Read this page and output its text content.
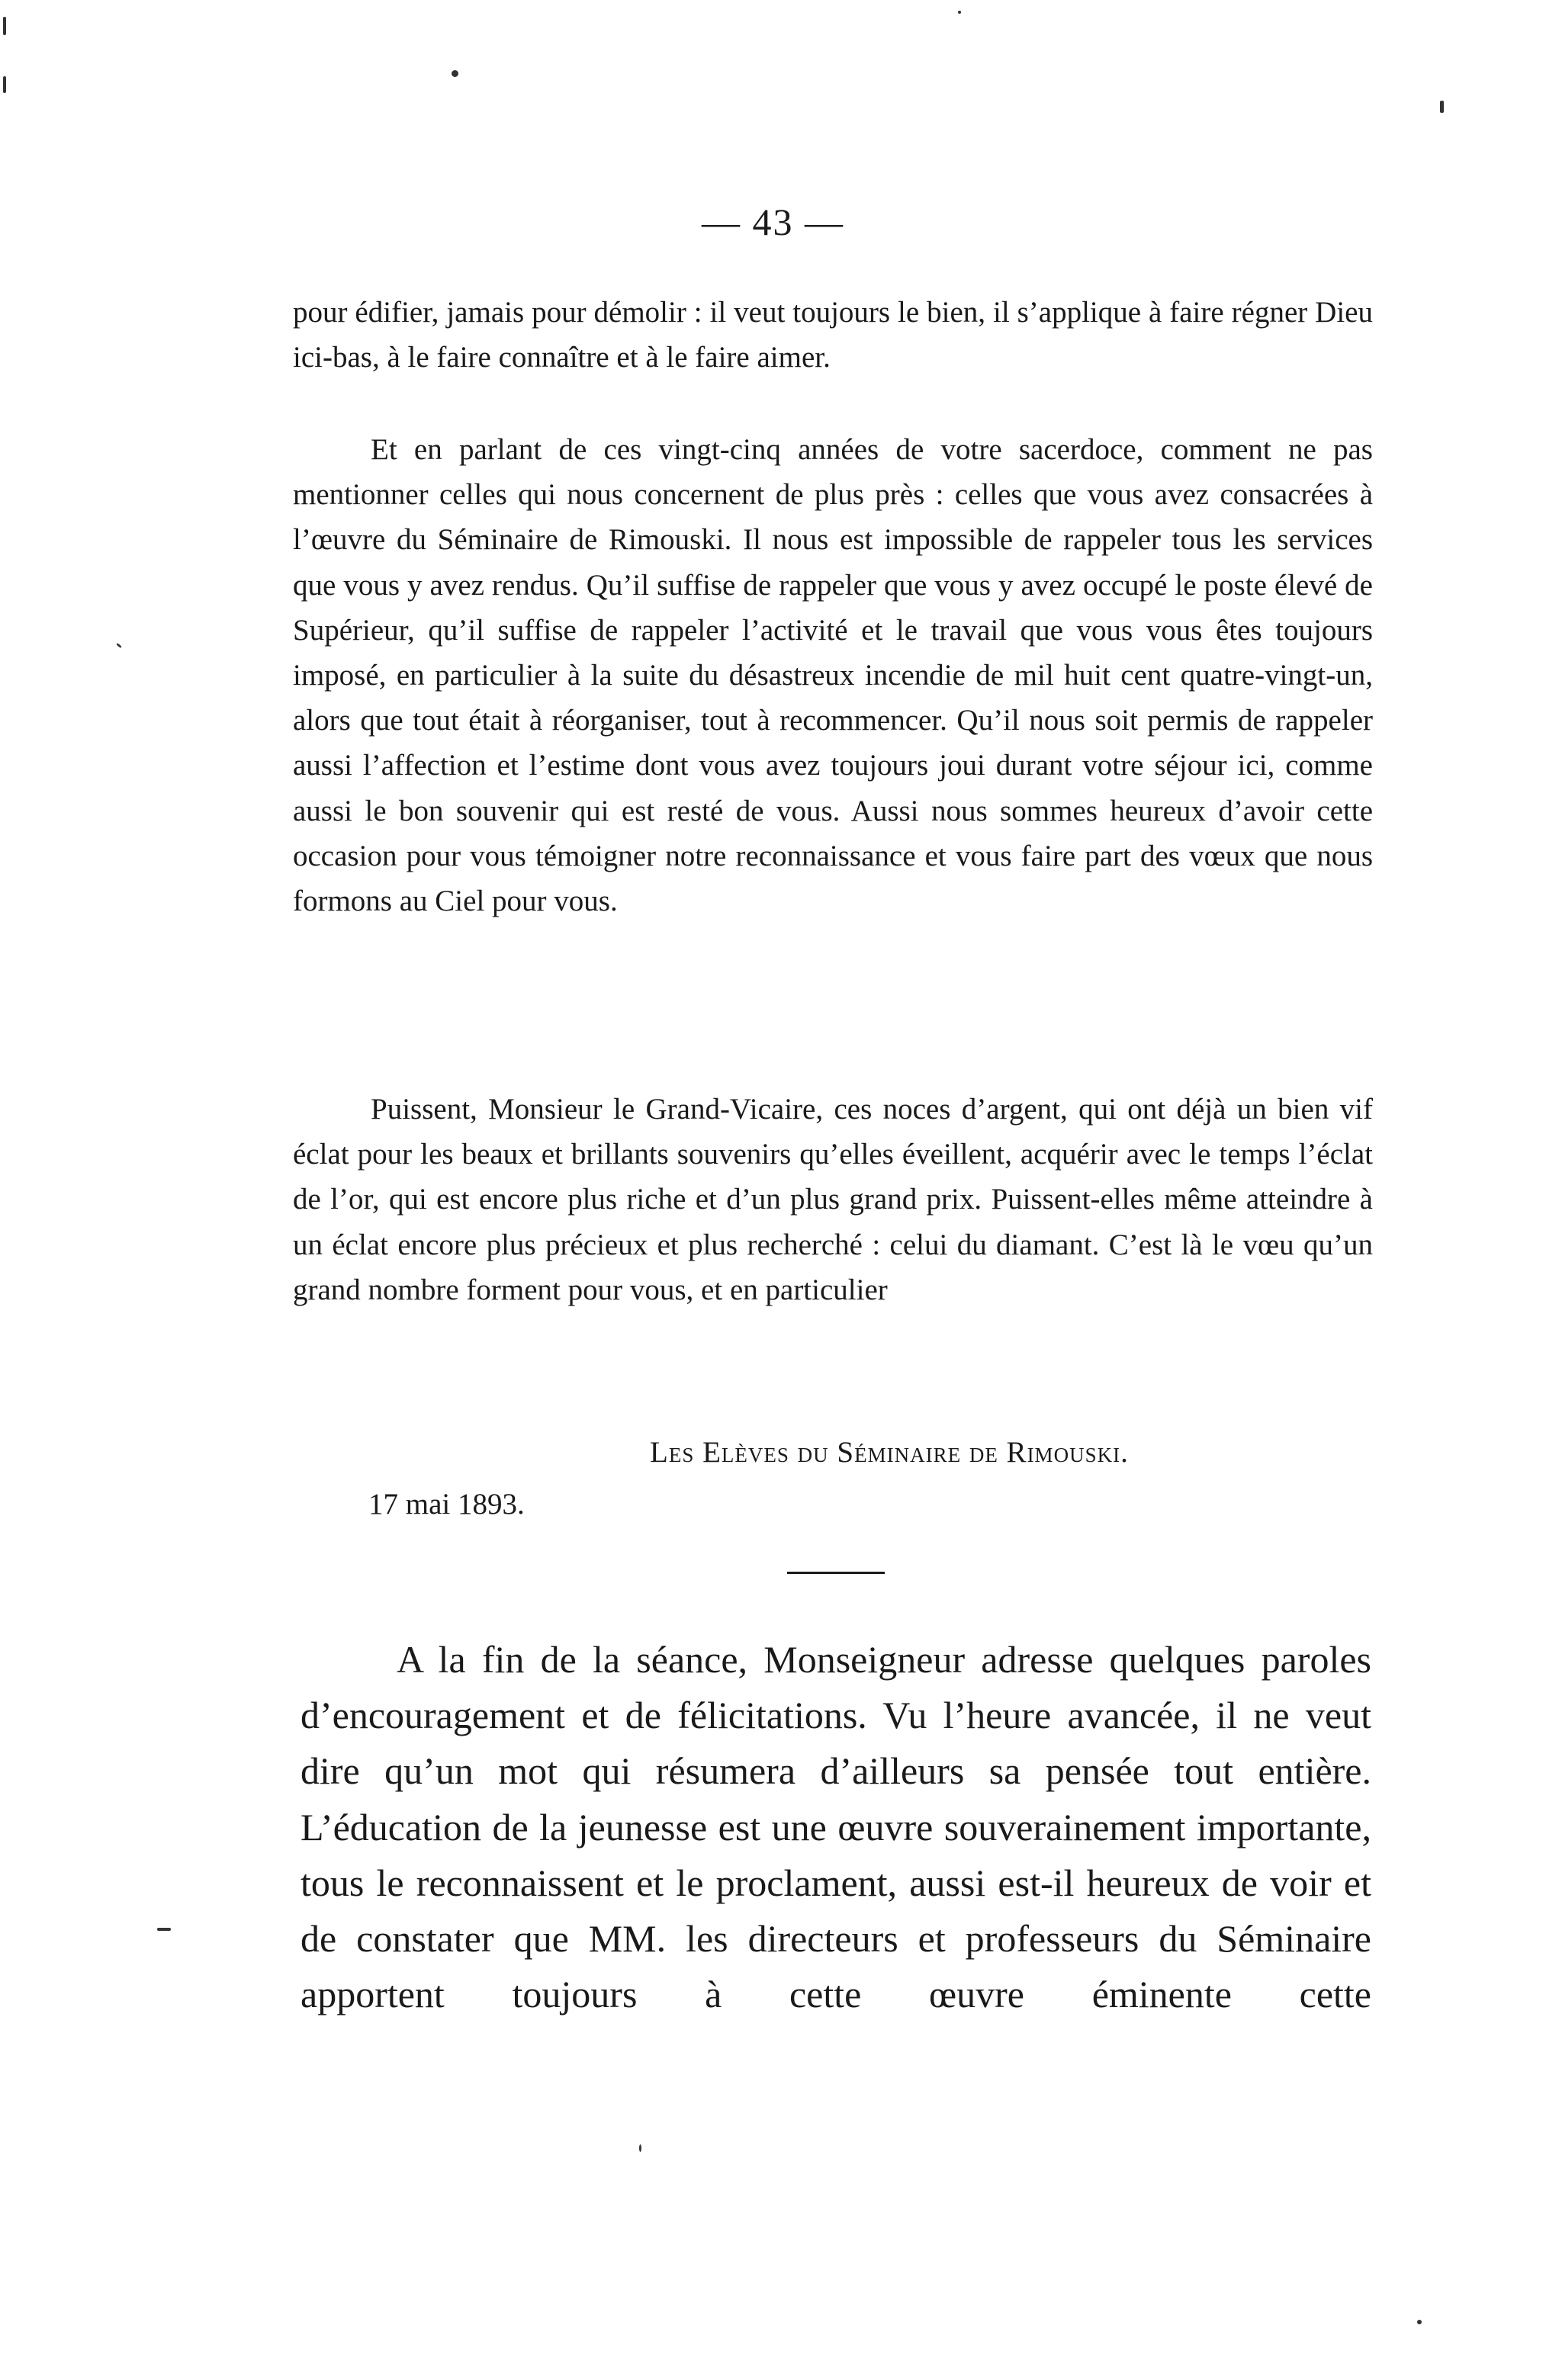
— 43 —

pour édifier, jamais pour démolir : il veut toujours le bien, il s’applique à faire régner Dieu ici-bas, à le faire connaître et à le faire aimer.

Et en parlant de ces vingt-cinq années de votre sacerdoce, comment ne pas mentionner celles qui nous concernent de plus près : celles que vous avez consacrées à l’œuvre du Séminaire de Rimouski. Il nous est impossible de rappeler tous les services que vous y avez rendus. Qu’il suffise de rappeler que vous y avez occupé le poste élevé de Supérieur, qu’il suffise de rappeler l’activité et le travail que vous vous êtes toujours imposé, en particulier à la suite du désastreux incendie de mil huit cent quatre-vingt-un, alors que tout était à réorganiser, tout à recommencer. Qu’il nous soit permis de rappeler aussi l’affection et l’estime dont vous avez toujours joui durant votre séjour ici, comme aussi le bon souvenir qui est resté de vous. Aussi nous sommes heureux d’avoir cette occasion pour vous témoigner notre reconnaissance et vous faire part des vœux que nous formons au Ciel pour vous.

Puissent, Monsieur le Grand-Vicaire, ces noces d’argent, qui ont déjà un bien vif éclat pour les beaux et brillants souvenirs qu’elles éveillent, acquérir avec le temps l’éclat de l’or, qui est encore plus riche et d’un plus grand prix. Puissent-elles même atteindre à un éclat encore plus précieux et plus recherché : celui du diamant. C’est là le vœu qu’un grand nombre forment pour vous, et en particulier

Les Elèves du Séminaire de Rimouski.
17 mai 1893.

A la fin de la séance, Monseigneur adresse quelques paroles d’encouragement et de félicitations. Vu l’heure avancée, il ne veut dire qu’un mot qui résumera d’ailleurs sa pensée tout entière. L’éducation de la jeunesse est une œuvre souverainement importante, tous le reconnaissent et le proclament, aussi est-il heureux de voir et de constater que MM. les directeurs et professeurs du Séminaire apportent toujours à cette œuvre éminente cette
